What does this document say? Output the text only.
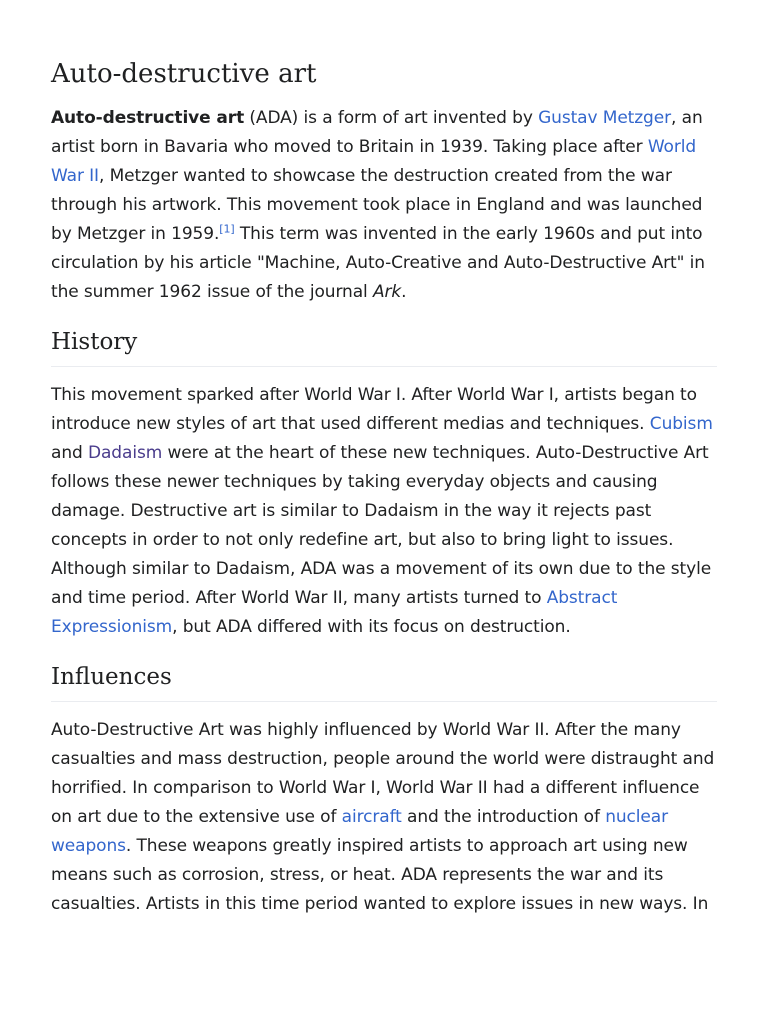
Auto-destructive art

Auto-destructive art (ADA) is a form of art invented by Gustav Metzger, an artist born in Bavaria who moved to Britain in 1939. Taking place after World War II, Metzger wanted to showcase the destruction created from the war through his artwork. This movement took place in England and was launched by Metzger in 1959.[1] This term was invented in the early 1960s and put into circulation by his article "Machine, Auto-Creative and Auto-Destructive Art" in the summer 1962 issue of the journal Ark.

History

This movement sparked after World War I. After World War I, artists began to introduce new styles of art that used different medias and techniques. Cubism and Dadaism were at the heart of these new techniques. Auto-Destructive Art follows these newer techniques by taking everyday objects and causing damage. Destructive art is similar to Dadaism in the way it rejects past concepts in order to not only redefine art, but also to bring light to issues. Although similar to Dadaism, ADA was a movement of its own due to the style and time period. After World War II, many artists turned to Abstract Expressionism, but ADA differed with its focus on destruction.

Influences

Auto-Destructive Art was highly influenced by World War II. After the many casualties and mass destruction, people around the world were distraught and horrified. In comparison to World War I, World War II had a different influence on art due to the extensive use of aircraft and the introduction of nuclear weapons. These weapons greatly inspired artists to approach art using new means such as corrosion, stress, or heat. ADA represents the war and its casualties. Artists in this time period wanted to explore issues in new ways. In
